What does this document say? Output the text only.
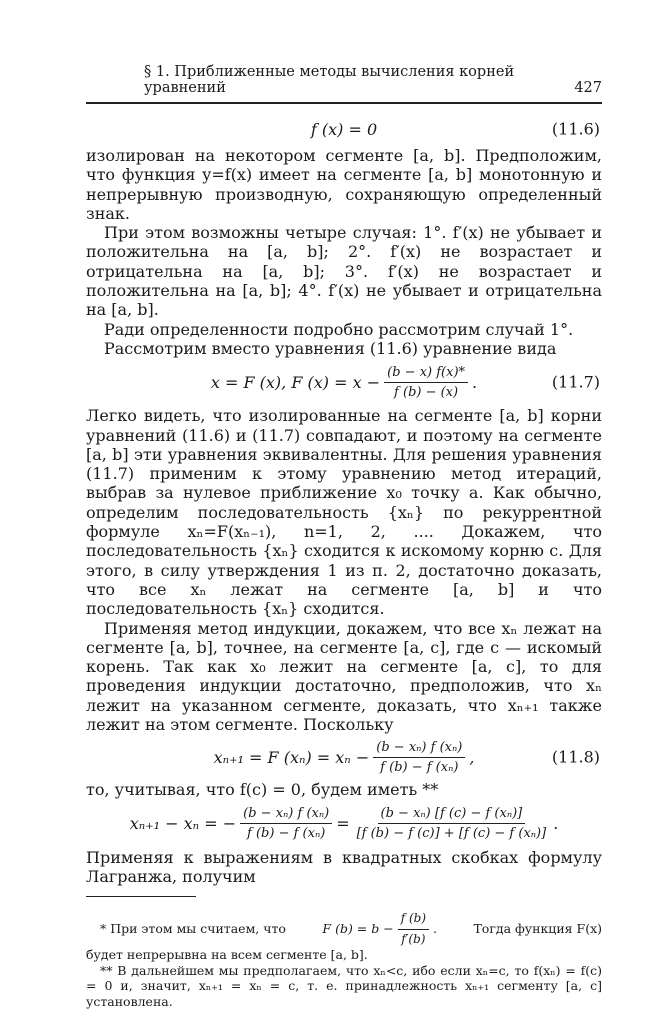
§ 1. Приближенные методы вычисления корней уравнений	427
f (x) = 0	(11.6)

изолирован на некотором сегменте [a, b]. Предположим, что функция y=f(x) имеет на сегменте [a, b] монотонную и непрерывную производную, сохраняющую определенный знак.

При этом возможны четыре случая: 1°. f′(x) не убывает и положительна на [a, b]; 2°. f′(x) не возрастает и отрицательна на [a, b]; 3°. f′(x) не возрастает и положительна на [a, b]; 4°. f′(x) не убывает и отрицательна на [a, b].

Ради определенности подробно рассмотрим случай 1°.

Рассмотрим вместо уравнения (11.6) уравнение вида

x = F (x), F $(x) = x - \frac{(b - x) f(x)*}{f (b) - (x)}$ .	(11.7)

Легко видеть, что изолированные на сегменте [a, b] корни уравнений (11.6) и (11.7) совпадают, и поэтому на сегменте [a, b] эти уравнения эквивалентны. Для решения уравнения (11.7) применим к этому уравнению метод итераций, выбрав за нулевое приближение x₀ точку a. Как обычно, определим последовательность {xₙ} по рекуррентной формуле xₙ=F(xₙ₋₁), n=1, 2, .... Докажем, что последовательность {xₙ} сходится к искомому корню c. Для этого, в силу утверждения 1 из п. 2, достаточно доказать, что все xₙ лежат на сегменте [a, b] и что последовательность {xₙ} сходится.

Применяя метод индукции, докажем, что все xₙ лежат на сегменте [a, b], точнее, на сегменте [a, c], где c — искомый корень. Так как x₀ лежит на сегменте [a, c], то для проведения индукции достаточно, предположив, что xₙ лежит на указанном сегменте, доказать, что xₙ₊₁ также лежит на этом сегменте. Поскольку

xₙ₊₁ = F $(x_n) = x_n - \frac{\text{(b − xₙ) f (xₙ)}}{\text{f (b) − f (xₙ)}}$ ,	(11.8)

то, учитывая, что f(c) = 0, будем иметь **

xₙ₊₁ − xₙ = − $\frac{\text{(b − xₙ) f (xₙ)}}{\text{f (b) − f (xₙ)}} = \frac{\text{(b − xₙ) [f (c) − f (xₙ)]}}{\text{[f (b) − f (c)] + [f (c) − f (xₙ)]}}$ .

Применяя к выражениям в квадратных скобках формулу Лагранжа, получим

* При этом мы считаем, что	F $(b) = b - \frac{f (b)}{f'(b)}$ .	Тогда функция F(x)
будет непрерывна на всем сегменте [a, b].
** В дальнейшем мы предполагаем, что xₙ<c, ибо если xₙ=c, то f(xₙ) = f(c) = 0 и, значит, xₙ₊₁ = xₙ = c, т. е. принадлежность xₙ₊₁ сегменту [a, c] установлена.
